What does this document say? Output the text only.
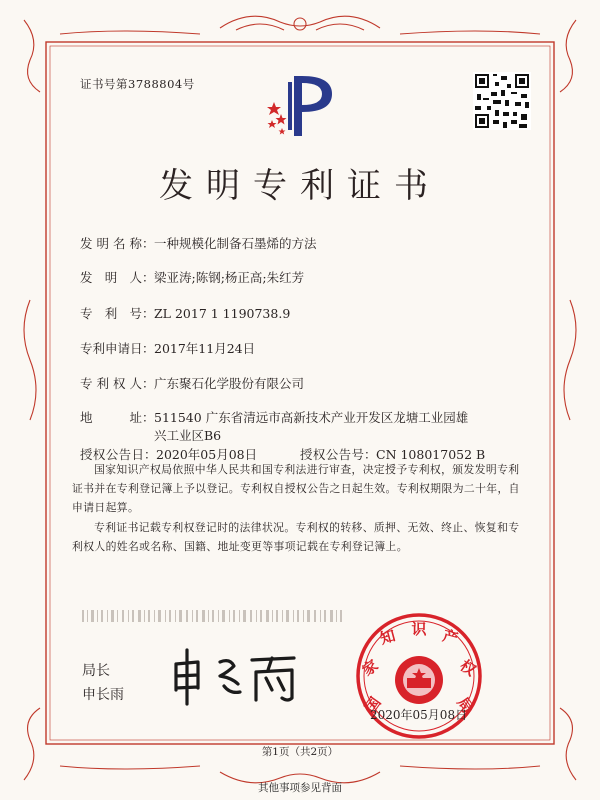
证书号第3788804号
发明专利证书
发明名称：一种规模化制备石墨烯的方法
发明人：梁亚涛;陈钢;杨正高;朱红芳
专利号：ZL 2017 1 1190738.9
专利申请日：2017年11月24日
专利权人：广东聚石化学股份有限公司
地址：511540 广东省清远市高新技术产业开发区龙塘工业园雄
兴工业区B6
授权公告日：2020年05月08日	授权公告号：CN 108017052 B
国家知识产权局依照中华人民共和国专利法进行审查，决定授予专利权，颁发发明专利证书并在专利登记簿上予以登记。专利权自授权公告之日起生效。专利权期限为二十年，自申请日起算。
专利证书记载专利权登记时的法律状况。专利权的转移、质押、无效、终止、恢复和专利权人的姓名或名称、国籍、地址变更等事项记载在专利登记簿上。
局长
申长雨	国
家
知 识 产
权
局
2020年05月08日
第1页（共2页）
其他事项参见背面
